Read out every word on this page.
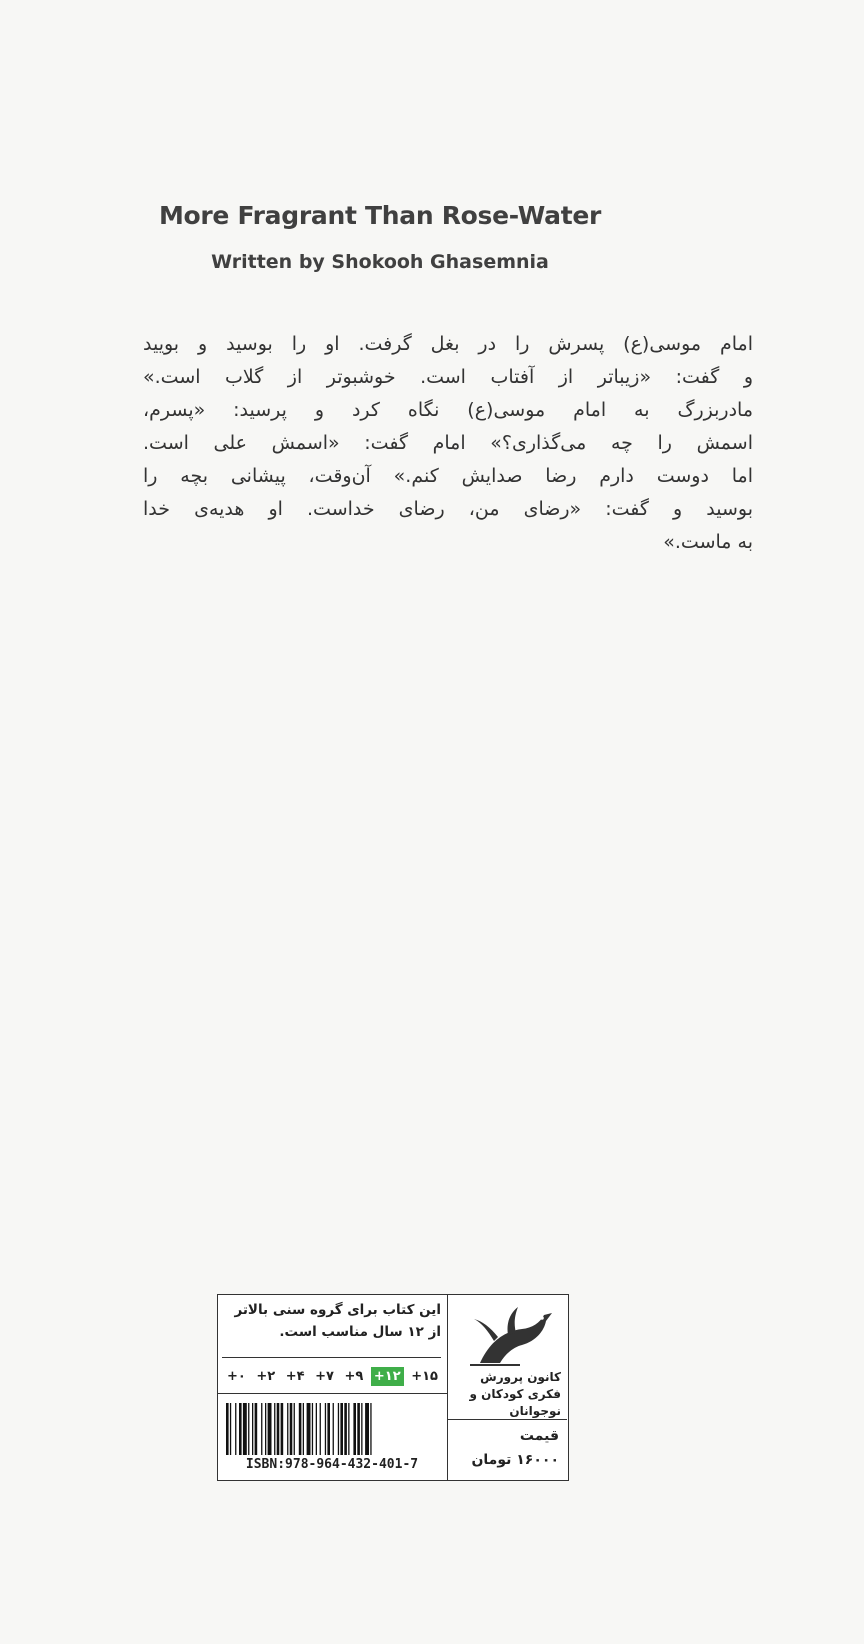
More Fragrant Than Rose-Water
Written by Shokooh Ghasemnia
امام موسی(ع) پسرش را در بغل گرفت. او را بوسید و بویید
و گفت: «زیباتر از آفتاب است. خوشبوتر از گلاب است.»
مادربزرگ به امام موسی(ع) نگاه کرد و پرسید: «پسرم،
اسمش را چه می‌گذاری؟» امام گفت: «اسمش علی است.
اما دوست دارم رضا صدایش کنم.» آن‌وقت، پیشانی بچه را
بوسید و گفت: «رضای من، رضای خداست. او هدیه‌ی خدا
به ماست.»
این کتاب برای گروه سنی بالاتر از ۱۲ سال مناسب است.
+۱۵
+۱۲
+۹
+۷
+۴
+۲
+۰
ISBN:978-964-432-401-7
کانون پرورش فکری کودکان و نوجوانان
قیمت
۱۶۰۰۰ تومان
